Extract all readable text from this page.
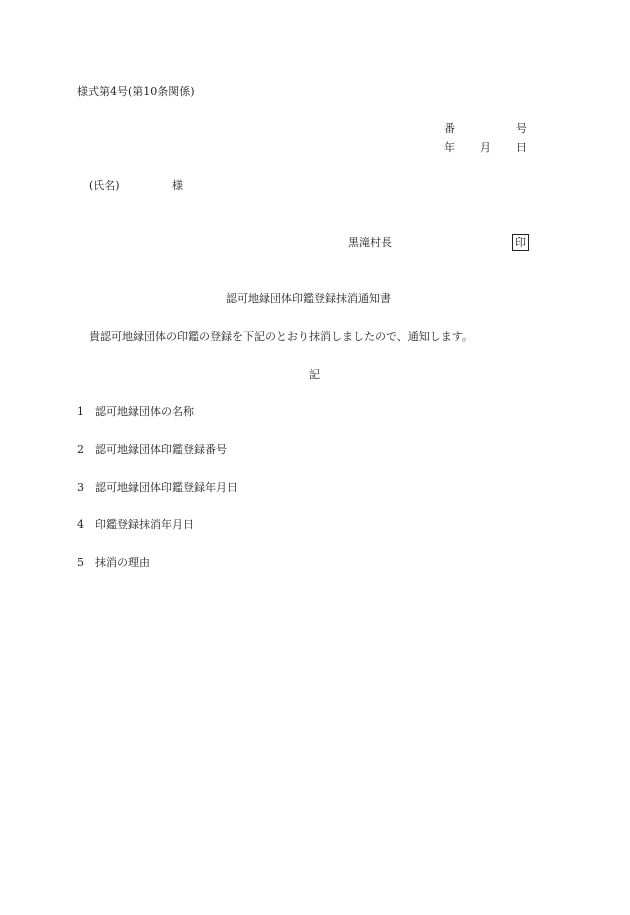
様式第4号(第10条関係)
番	号
年 月 日
(氏名)	様
黒滝村長	印
認可地縁団体印鑑登録抹消通知書
貴認可地縁団体の印鑑の登録を下記のとおり抹消しましたので、通知します。
記
1 認可地縁団体の名称
2 認可地縁団体印鑑登録番号
3 認可地縁団体印鑑登録年月日
4 印鑑登録抹消年月日
5 抹消の理由
